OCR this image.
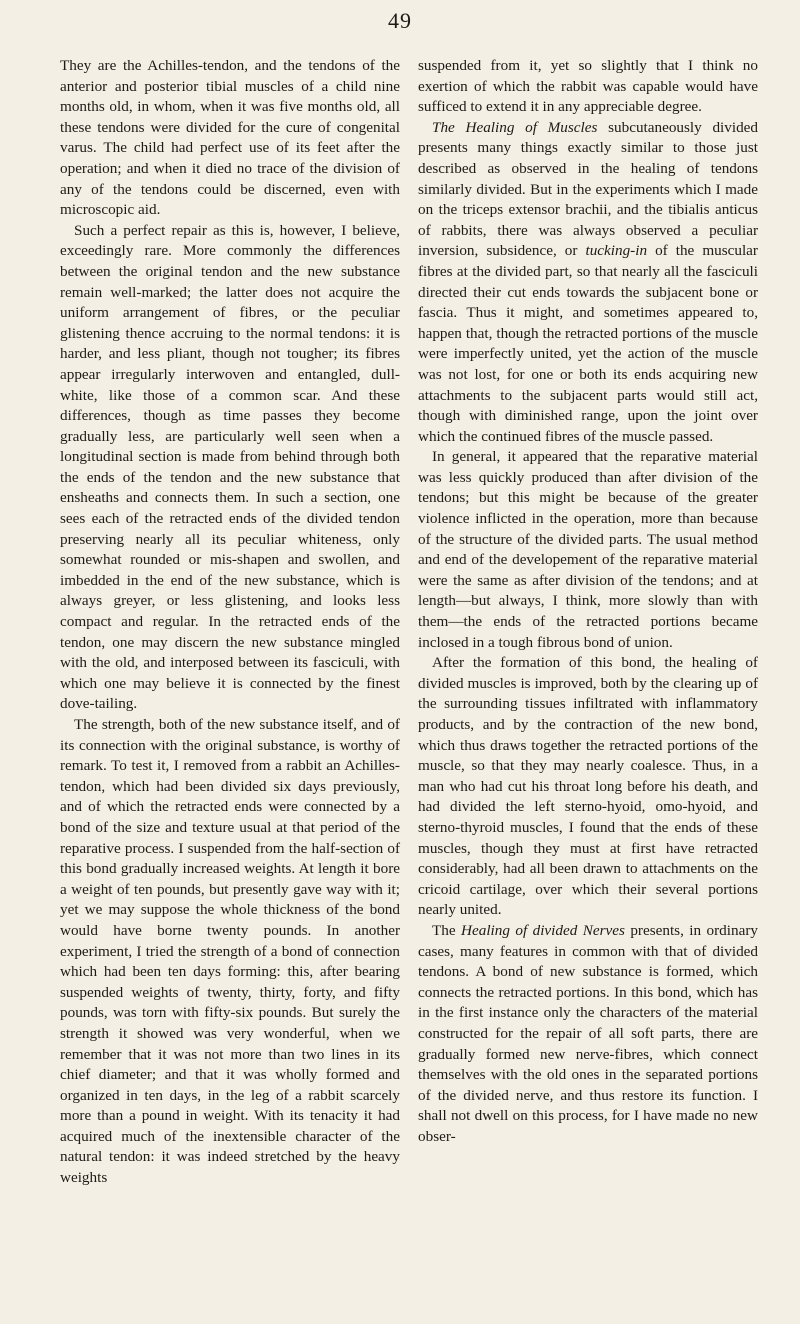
49

They are the Achilles-tendon, and the tendons of the anterior and posterior tibial muscles of a child nine months old, in whom, when it was five months old, all these tendons were divided for the cure of congenital varus. The child had perfect use of its feet after the operation; and when it died no trace of the division of any of the tendons could be discerned, even with microscopic aid.

Such a perfect repair as this is, however, I believe, exceedingly rare. More commonly the differences between the original tendon and the new substance remain well-marked; the latter does not acquire the uniform arrangement of fibres, or the peculiar glistening thence accruing to the normal tendons: it is harder, and less pliant, though not tougher; its fibres appear irregularly interwoven and entangled, dull-white, like those of a common scar. And these differences, though as time passes they become gradually less, are particularly well seen when a longitudinal section is made from behind through both the ends of the tendon and the new substance that ensheaths and connects them. In such a section, one sees each of the retracted ends of the divided tendon preserving nearly all its peculiar whiteness, only somewhat rounded or mis-shapen and swollen, and imbedded in the end of the new substance, which is always greyer, or less glistening, and looks less compact and regular. In the retracted ends of the tendon, one may discern the new substance mingled with the old, and interposed between its fasciculi, with which one may believe it is connected by the finest dove-tailing.

The strength, both of the new substance itself, and of its connection with the original substance, is worthy of remark. To test it, I removed from a rabbit an Achilles-tendon, which had been divided six days previously, and of which the retracted ends were connected by a bond of the size and texture usual at that period of the reparative process. I suspended from the half-section of this bond gradually increased weights. At length it bore a weight of ten pounds, but presently gave way with it; yet we may suppose the whole thickness of the bond would have borne twenty pounds. In another experiment, I tried the strength of a bond of connection which had been ten days forming: this, after bearing suspended weights of twenty, thirty, forty, and fifty pounds, was torn with fifty-six pounds. But surely the strength it showed was very wonderful, when we remember that it was not more than two lines in its chief diameter; and that it was wholly formed and organized in ten days, in the leg of a rabbit scarcely more than a pound in weight. With its tenacity it had acquired much of the inextensible character of the natural tendon: it was indeed stretched by the heavy weights

suspended from it, yet so slightly that I think no exertion of which the rabbit was capable would have sufficed to extend it in any appreciable degree.

The Healing of Muscles subcutaneously divided presents many things exactly similar to those just described as observed in the healing of tendons similarly divided. But in the experiments which I made on the triceps extensor brachii, and the tibialis anticus of rabbits, there was always observed a peculiar inversion, subsidence, or tucking-in of the muscular fibres at the divided part, so that nearly all the fasciculi directed their cut ends towards the subjacent bone or fascia. Thus it might, and sometimes appeared to, happen that, though the retracted portions of the muscle were imperfectly united, yet the action of the muscle was not lost, for one or both its ends acquiring new attachments to the subjacent parts would still act, though with diminished range, upon the joint over which the continued fibres of the muscle passed.

In general, it appeared that the reparative material was less quickly produced than after division of the tendons; but this might be because of the greater violence inflicted in the operation, more than because of the structure of the divided parts. The usual method and end of the developement of the reparative material were the same as after division of the tendons; and at length—but always, I think, more slowly than with them—the ends of the retracted portions became inclosed in a tough fibrous bond of union.

After the formation of this bond, the healing of divided muscles is improved, both by the clearing up of the surrounding tissues infiltrated with inflammatory products, and by the contraction of the new bond, which thus draws together the retracted portions of the muscle, so that they may nearly coalesce. Thus, in a man who had cut his throat long before his death, and had divided the left sterno-hyoid, omo-hyoid, and sterno-thyroid muscles, I found that the ends of these muscles, though they must at first have retracted considerably, had all been drawn to attachments on the cricoid cartilage, over which their several portions nearly united.

The Healing of divided Nerves presents, in ordinary cases, many features in common with that of divided tendons. A bond of new substance is formed, which connects the retracted portions. In this bond, which has in the first instance only the characters of the material constructed for the repair of all soft parts, there are gradually formed new nerve-fibres, which connect themselves with the old ones in the separated portions of the divided nerve, and thus restore its function. I shall not dwell on this process, for I have made no new obser-
